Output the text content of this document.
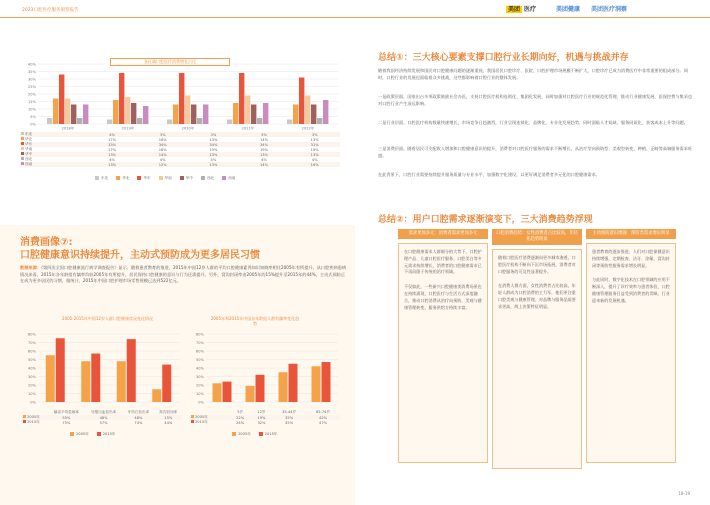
2023口腔医疗服务洞察报告	美团 医疗	美团健康 美团医疗洞察
各区域口腔医疗消费增长占比
40%
35%
30%
25%
20%
15%
10%
5%
0%
2018年	2019年	2020年	2021年	2022年
东北	4%	3%	3%	3%	3%
华北	17%	16%	13%	14%	13%
华东	33%	34%	34%	34%	31%
华南	17%	18%	19%	19%	19%
华中	13%	14%	13%	13%	13%
西北	4%	4%	4%	4%	4%
西南	13%	12%	13%	14%	16%
东北	华北	华东	华南	华中	西北	西南
消费画像⑦:
口腔健康意识持续提升，主动式预防成为更多居民习惯
数据来源：《第四次全国口腔健康流行病学调查报告》显示，随着患者教育的推进，2015年中国12岁人群的平均口腔健康素养知识知晓率相比2005年有所提升。从口腔疾病患病情况来看，2015年各年龄组有龋率均较2005年有所提升，居民保持口腔健康的意识与行为还需提升。另外，窝沟封闭率由2005年的15%提升至2015年的44%，主动式预防正在成为更多居民的习惯，据统计，2015年中国口腔护理市场零售规模已达到522亿元。
2005-2015年中国12岁人群口腔健康状况变化情况
80%
70%
60%
50%
40%
30%
20%
10%
0%
	龋齿平均患病率	牙龈出血检出率	牙结石检出率	窝沟封闭率
2005年	55%	48%	48%	15%
2015年	75%	57%	74%	44%
2005年	2015年
2005年和2015年中国各年龄组人群有龋率变化趋势
80%
70%
60%
50%
40%
30%
20%
10%
0%
	5岁	12岁	35-44岁	65-74岁
2005年	22%	19%	35%	42%
2015年	24%	32%	45%	47%
2005年	2015年
总结①：三大核心要素支撑口腔行业长期向好，机遇与挑战并存
随着我国经济持续发展和国民对口腔健康问题的逐渐重视，我国居民口腔诊疗、医院、口腔护理市场规模不断扩大，口腔诊疗已成为消费医疗中非常重要的组成部分。同时，口腔行业的发展也面临着众多挑战，这些都影响着口腔行业的整体发展。
一是政策层面。国家出台多项政策鼓励社会办医，支持口腔医疗机构连锁化、集团化发展，同时加强对口腔医疗行业的规范化管理，推动行业健康发展，医保控费与集采也对口腔行业产生深远影响。
二是行业层面。口腔医疗机构数量快速增长，市场竞争日趋激烈，行业呈现连锁化、品牌化、专业化发展趋势，同时面临人才短缺、服务同质化、获客成本上升等问题。
三是消费层面。随着居民可支配收入增加和口腔健康意识的提升，消费者对口腔医疗服务的需求不断增长，从治疗型向预防型、美观型转变，种植、正畸等高端服务需求旺盛。
在此背景下，口腔行业需要持续提升服务质量与专业水平，加强数字化建设，以更好满足消费者多元化的口腔健康需求。
总结②：用户口腔需求逐渐演变下，三大消费趋势浮现
需求更加多元：消费者需求更加多元
在口腔健康需求人群细分的大势下，口腔护理产品、儿童口腔医疗服务、口腔美白等多元需求持续增长，消费者的口腔健康需求已不再局限于传统的治疗领域。
不仅如此，一些新兴口腔健康类消费场景也在持续涌现，口腔医疗与生活方式深度融合，推动口腔消费从治疗向预防、美观与健康管理转变，服务供给方持续丰富。
口腔消费趋势：女性消费者占比较高，年轻化趋势明显
随着口腔医疗消费逐渐向更多城市渗透，口腔医疗机构不断向下沉市场拓展，消费者对口腔服务的可及性显著提升。
在消费人群方面，女性消费者占比较高，年轻人群成为口腔消费的主力军，他们更注重口腔美观与健康管理，对品牌与服务品质要求更高，线上决策特征明显。
主动预防意识增强：预防类需求增长明显
患者教育的逐步推进，人们对口腔保健意识持续增强，定期检查、洁牙、涂氟、窝沟封闭等预防性服务需求增长明显。
与此同时，数字化技术在口腔领域的应用不断深入，提升了诊疗效率与患者体验，口腔健康管理服务日益受到消费者的青睐，行业迎来新的发展机遇。
18-19
